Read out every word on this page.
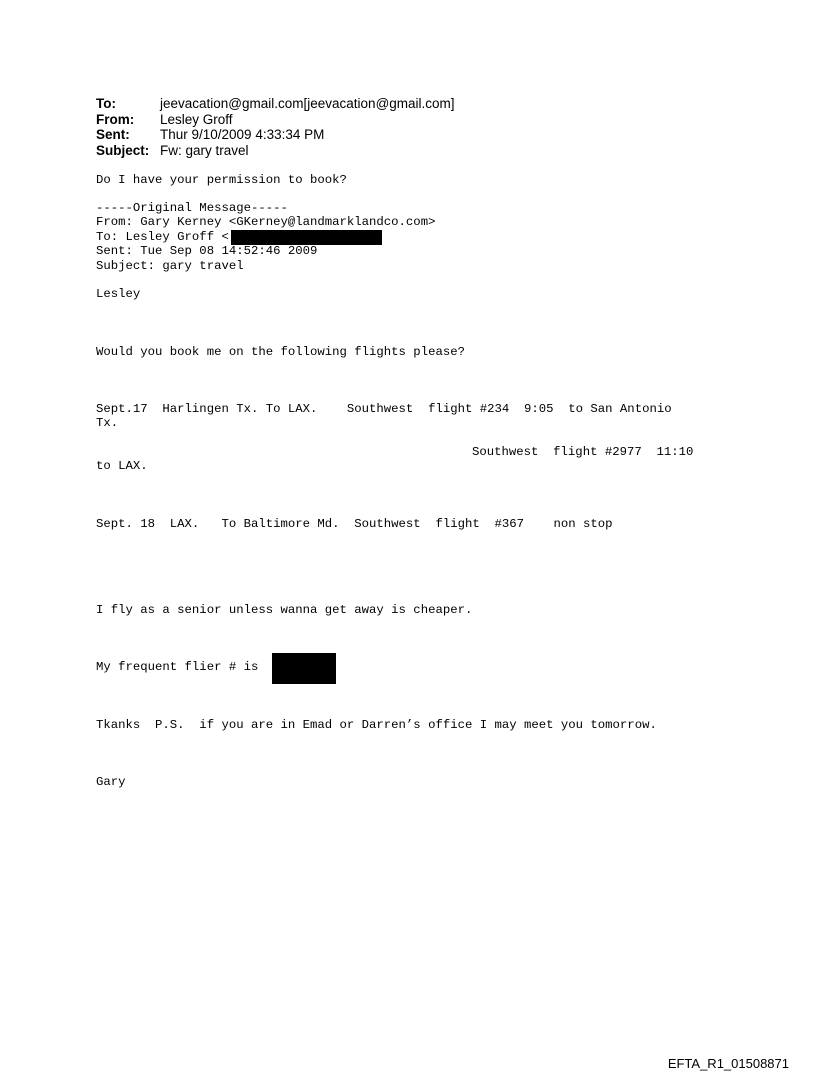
To:	jeevacation@gmail.com[jeevacation@gmail.com]
From:	Lesley Groff
Sent:	Thur 9/10/2009 4:33:34 PM
Subject: Fw: gary travel
Do I have your permission to book?
-----Original Message-----
From: Gary Kerney <GKerney@landmarklandco.com>
To: Lesley Groff <
Sent: Tue Sep 08 14:52:46 2009
Subject: gary travel
Lesley
Would you book me on the following flights please?
Sept.17  Harlingen Tx. To LAX.    Southwest  flight #234  9:05  to San Antonio
Tx.
Southwest  flight #2977  11:10
to LAX.
Sept. 18  LAX.   To Baltimore Md.  Southwest  flight  #367    non stop
I fly as a senior unless wanna get away is cheaper.
My frequent flier # is
Tkanks  P.S.  if you are in Emad or Darren’s office I may meet you tomorrow.
Gary
EFTA_R1_01508871
